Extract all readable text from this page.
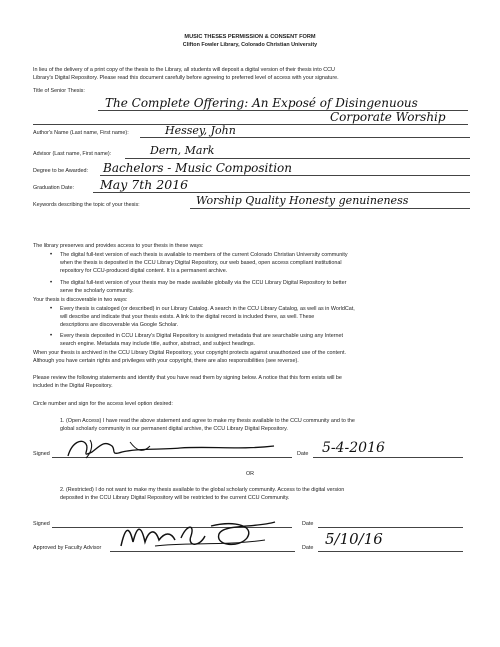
MUSIC THESES PERMISSION & CONSENT FORM
Clifton Fowler Library, Colorado Christian University
In lieu of the delivery of a print copy of the thesis to the Library, all students will deposit a digital version of their thesis into CCU
Library's Digital Repository. Please read this document carefully before agreeing to preferred level of access with your signature.
Title of Senior Thesis:
The Complete Offering: An Exposé of Disingenuous
Corporate Worship
Author's Name (Last name, First name):	Hessey, John
Advisor (Last name, First name):	Dern, Mark
Degree to be Awarded: Bachelors - Music Composition
Graduation Date: May 7th 2016
Keywords describing the topic of your thesis:	Worship Quality Honesty genuineness
The library preserves and provides access to your thesis in these ways:
• The digital full-text version of each thesis is available to members of the current Colorado Christian University community
when the thesis is deposited in the CCU Library Digital Repository, our web based, open access compliant institutional
repository for CCU-produced digital content. It is a permanent archive.
• The digital full-text version of your thesis may be made available globally via the CCU Library Digital Repository to better
serve the scholarly community.
Your thesis is discoverable in two ways:
• Every thesis is cataloged (or described) in our Library Catalog. A search in the CCU Library Catalog, as well as in WorldCat,
will describe and indicate that your thesis exists. A link to the digital record is included there, as well. These
descriptions are discoverable via Google Scholar.
• Every thesis deposited in CCU Library's Digital Repository is assigned metadata that are searchable using any Internet
search engine. Metadata may include title, author, abstract, and subject headings.
When your thesis is archived in the CCU Library Digital Repository, your copyright protects against unauthorized use of the content.
Although you have certain rights and privileges with your copyright, there are also responsibilities (see reverse).
Please review the following statements and identify that you have read them by signing below. A notice that this form exists will be
included in the Digital Repository.
Circle number and sign for the access level option desired:
1. (Open Access) I have read the above statement and agree to make my thesis available to the CCU community and to the
global scholarly community in our permanent digital archive, the CCU Library Digital Repository.
Signed	Date 5-4-2016
OR
2. (Restricted) I do not want to make my thesis available to the global scholarly community. Access to the digital version
deposited in the CCU Library Digital Repository will be restricted to the current CCU Community.
Signed	Date
Approved by Faculty Advisor	Date 5/10/16
